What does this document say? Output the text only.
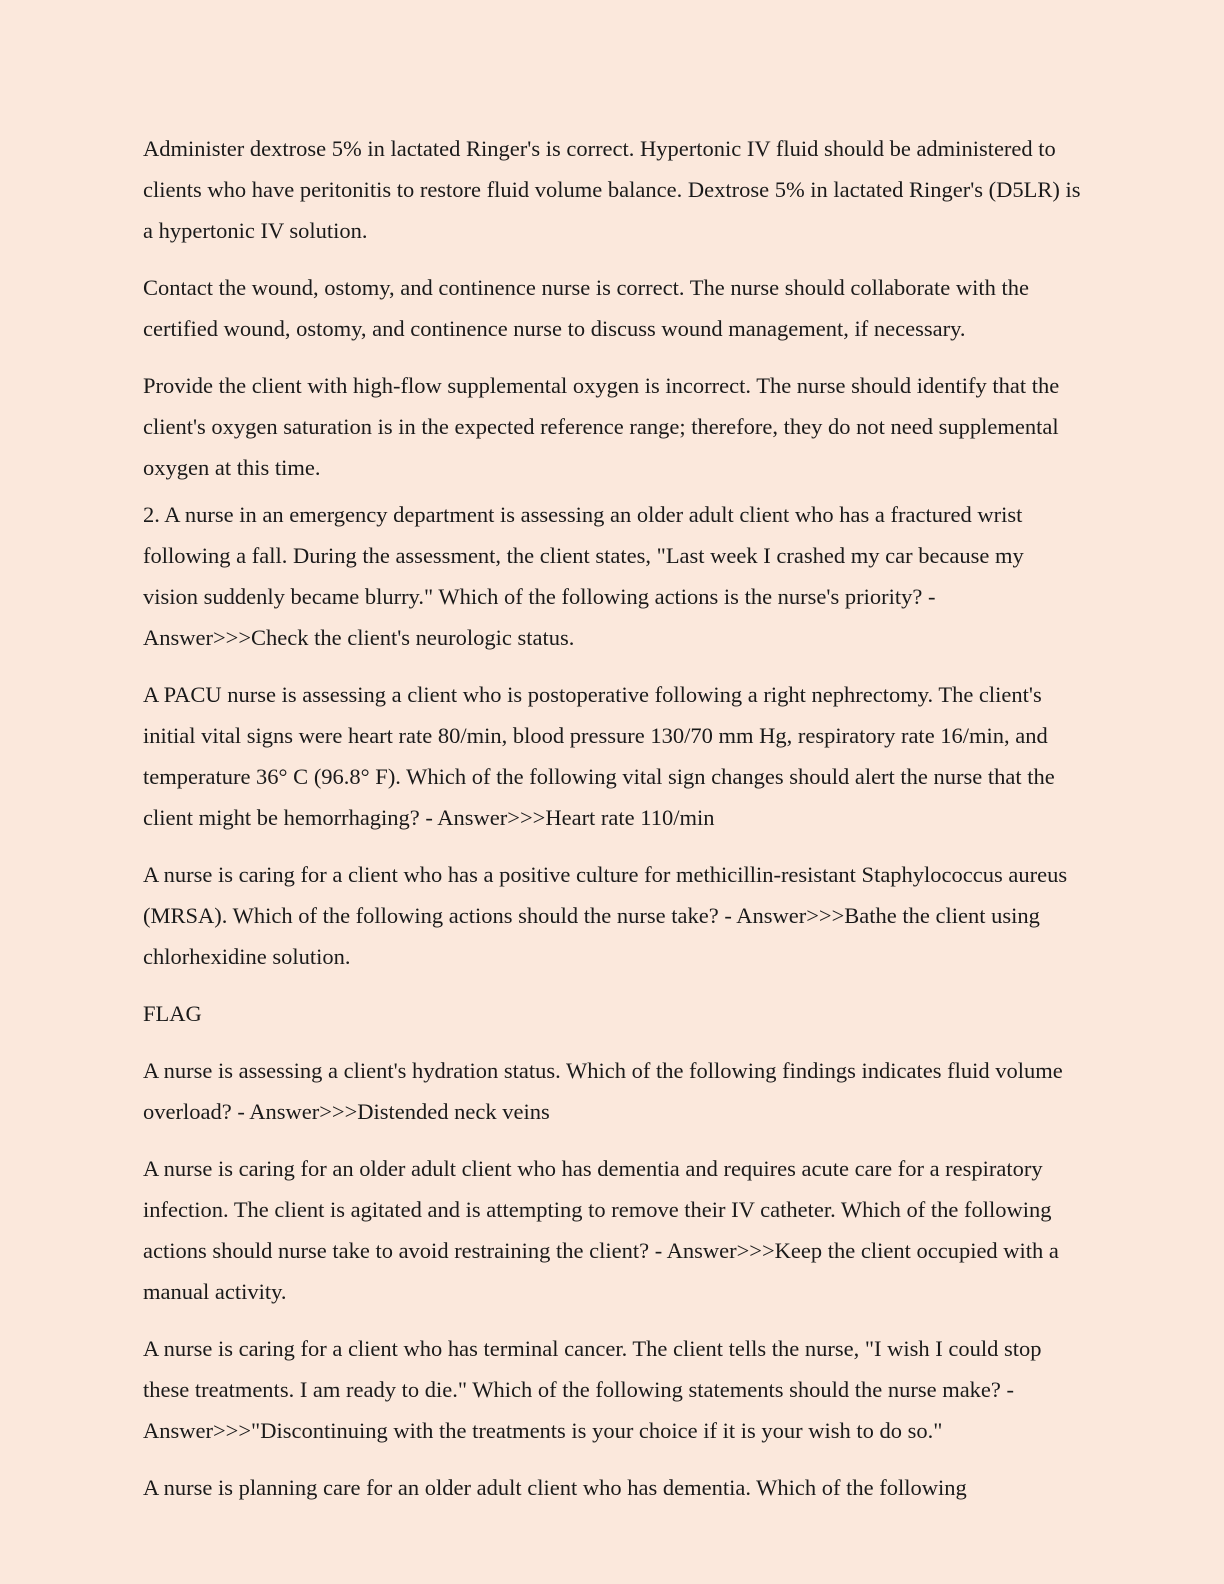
Administer dextrose 5% in lactated Ringer's is correct. Hypertonic IV fluid should be administered to clients who have peritonitis to restore fluid volume balance. Dextrose 5% in lactated Ringer's (D5LR) is a hypertonic IV solution.

Contact the wound, ostomy, and continence nurse is correct. The nurse should collaborate with the certified wound, ostomy, and continence nurse to discuss wound management, if necessary.

Provide the client with high-flow supplemental oxygen is incorrect. The nurse should identify that the client's oxygen saturation is in the expected reference range; therefore, they do not need supplemental oxygen at this time.

2. A nurse in an emergency department is assessing an older adult client who has a fractured wrist following a fall. During the assessment, the client states, "Last week I crashed my car because my vision suddenly became blurry." Which of the following actions is the nurse's priority? - Answer>>>Check the client's neurologic status.

A PACU nurse is assessing a client who is postoperative following a right nephrectomy. The client's initial vital signs were heart rate 80/min, blood pressure 130/70 mm Hg, respiratory rate 16/min, and temperature 36° C (96.8° F). Which of the following vital sign changes should alert the nurse that the client might be hemorrhaging? - Answer>>>Heart rate 110/min

A nurse is caring for a client who has a positive culture for methicillin-resistant Staphylococcus aureus (MRSA). Which of the following actions should the nurse take? - Answer>>>Bathe the client using chlorhexidine solution.

FLAG

A nurse is assessing a client's hydration status. Which of the following findings indicates fluid volume overload? - Answer>>>Distended neck veins

A nurse is caring for an older adult client who has dementia and requires acute care for a respiratory infection. The client is agitated and is attempting to remove their IV catheter. Which of the following actions should nurse take to avoid restraining the client? - Answer>>>Keep the client occupied with a manual activity.

A nurse is caring for a client who has terminal cancer. The client tells the nurse, "I wish I could stop these treatments. I am ready to die." Which of the following statements should the nurse make? - Answer>>>"Discontinuing with the treatments is your choice if it is your wish to do so."

A nurse is planning care for an older adult client who has dementia. Which of the following
